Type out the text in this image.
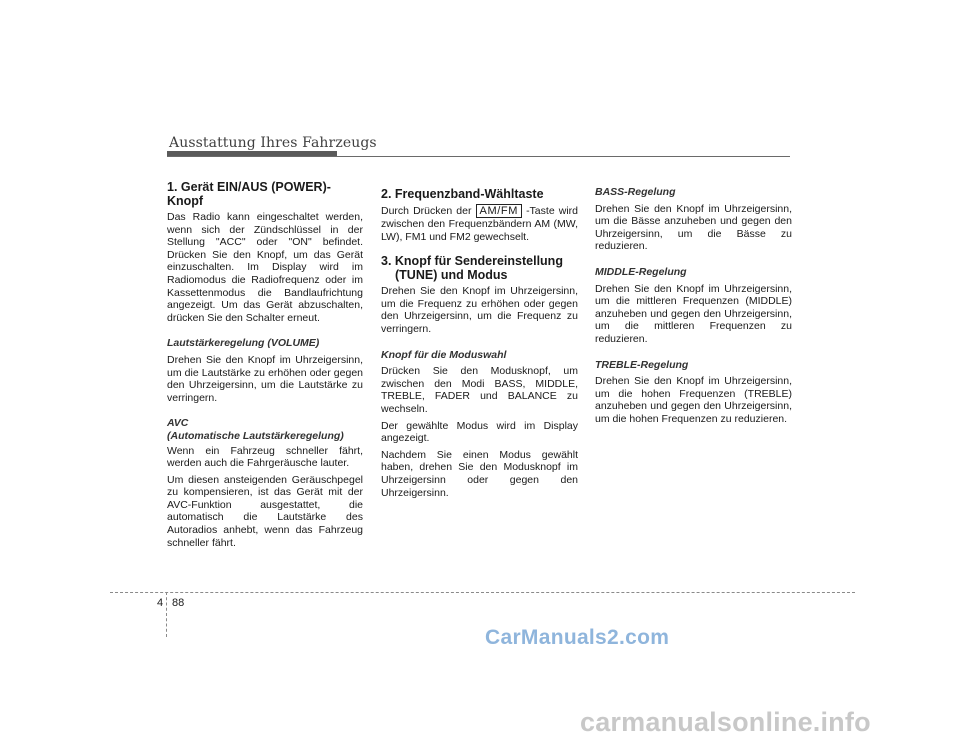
Ausstattung Ihres Fahrzeugs
1. Gerät EIN/AUS (POWER)-Knopf

Das Radio kann eingeschaltet werden, wenn sich der Zündschlüssel in der Stellung "ACC" oder "ON" befindet. Drücken Sie den Knopf, um das Gerät einzuschalten. Im Display wird im Radiomodus die Radiofrequenz oder im Kassettenmodus die Bandlaufrichtung angezeigt. Um das Gerät abzuschalten, drücken Sie den Schalter erneut.

Lautstärkeregelung (VOLUME)

Drehen Sie den Knopf im Uhrzeigersinn, um die Lautstärke zu erhöhen oder gegen den Uhrzeigersinn, um die Lautstärke zu verringern.

AVC
(Automatische Lautstärkeregelung)

Wenn ein Fahrzeug schneller fährt, werden auch die Fahrgeräusche lauter.

Um diesen ansteigenden Geräuschpegel zu kompensieren, ist das Gerät mit der AVC-Funktion ausgestattet, die automatisch die Lautstärke des Autoradios anhebt, wenn das Fahrzeug schneller fährt.

2. Frequenzband-Wähltaste

Durch Drücken der AM/FM -Taste wird zwischen den Frequenzbändern AM (MW, LW), FM1 und FM2 gewechselt.

3. Knopf für Sendereinstellung
(TUNE) und Modus

Drehen Sie den Knopf im Uhrzeigersinn, um die Frequenz zu erhöhen oder gegen den Uhrzeigersinn, um die Frequenz zu verringern.

Knopf für die Moduswahl

Drücken Sie den Modusknopf, um zwischen den Modi BASS, MIDDLE, TREBLE, FADER und BALANCE zu wechseln.

Der gewählte Modus wird im Display angezeigt.

Nachdem Sie einen Modus gewählt haben, drehen Sie den Modusknopf im Uhrzeigersinn oder gegen den Uhrzeigersinn.

BASS-Regelung

Drehen Sie den Knopf im Uhrzeigersinn, um die Bässe anzuheben und gegen den Uhrzeigersinn, um die Bässe zu reduzieren.

MIDDLE-Regelung

Drehen Sie den Knopf im Uhrzeigersinn, um die mittleren Frequenzen (MIDDLE) anzuheben und gegen den Uhrzeigersinn, um die mittleren Frequenzen zu reduzieren.

TREBLE-Regelung

Drehen Sie den Knopf im Uhrzeigersinn, um die hohen Frequenzen (TREBLE) anzuheben und gegen den Uhrzeigersinn, um die hohen Frequenzen zu reduzieren.

4 88
CarManuals2.com
carmanualsonline.info
